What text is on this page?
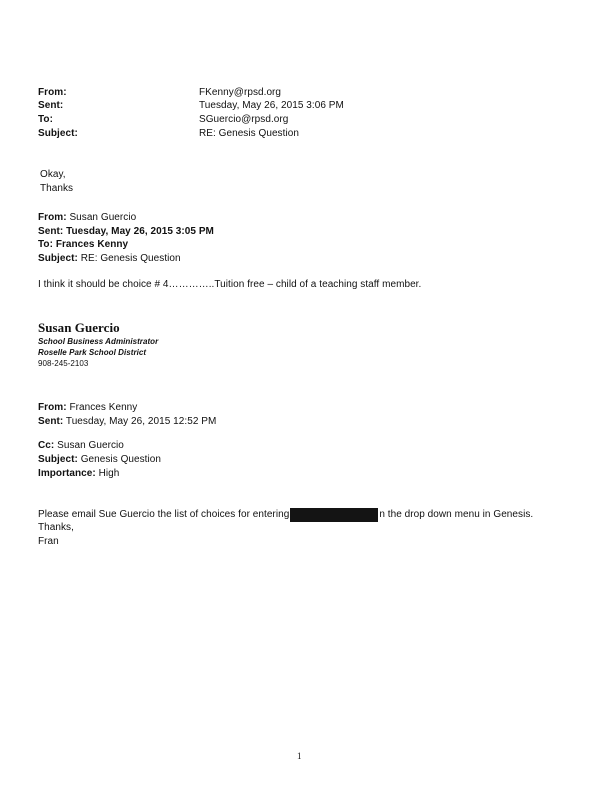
From:	FKenny@rpsd.org
Sent:	Tuesday, May 26, 2015 3:06 PM
To:	SGuercio@rpsd.org
Subject:	RE: Genesis Question
Okay,
Thanks
From: Susan Guercio
Sent: Tuesday, May 26, 2015 3:05 PM
To: Frances Kenny
Subject: RE: Genesis Question
I think it should be choice # 4…………..Tuition free – child of a teaching staff member.
Susan Guercio
School Business Administrator
Roselle Park School District
908-245-2103
From: Frances Kenny
Sent: Tuesday, May 26, 2015 12:52 PM
Cc: Susan Guercio
Subject: Genesis Question
Importance: High
Please email Sue Guercio the list of choices for entering	n the drop down menu in Genesis.
Thanks,
Fran
1
